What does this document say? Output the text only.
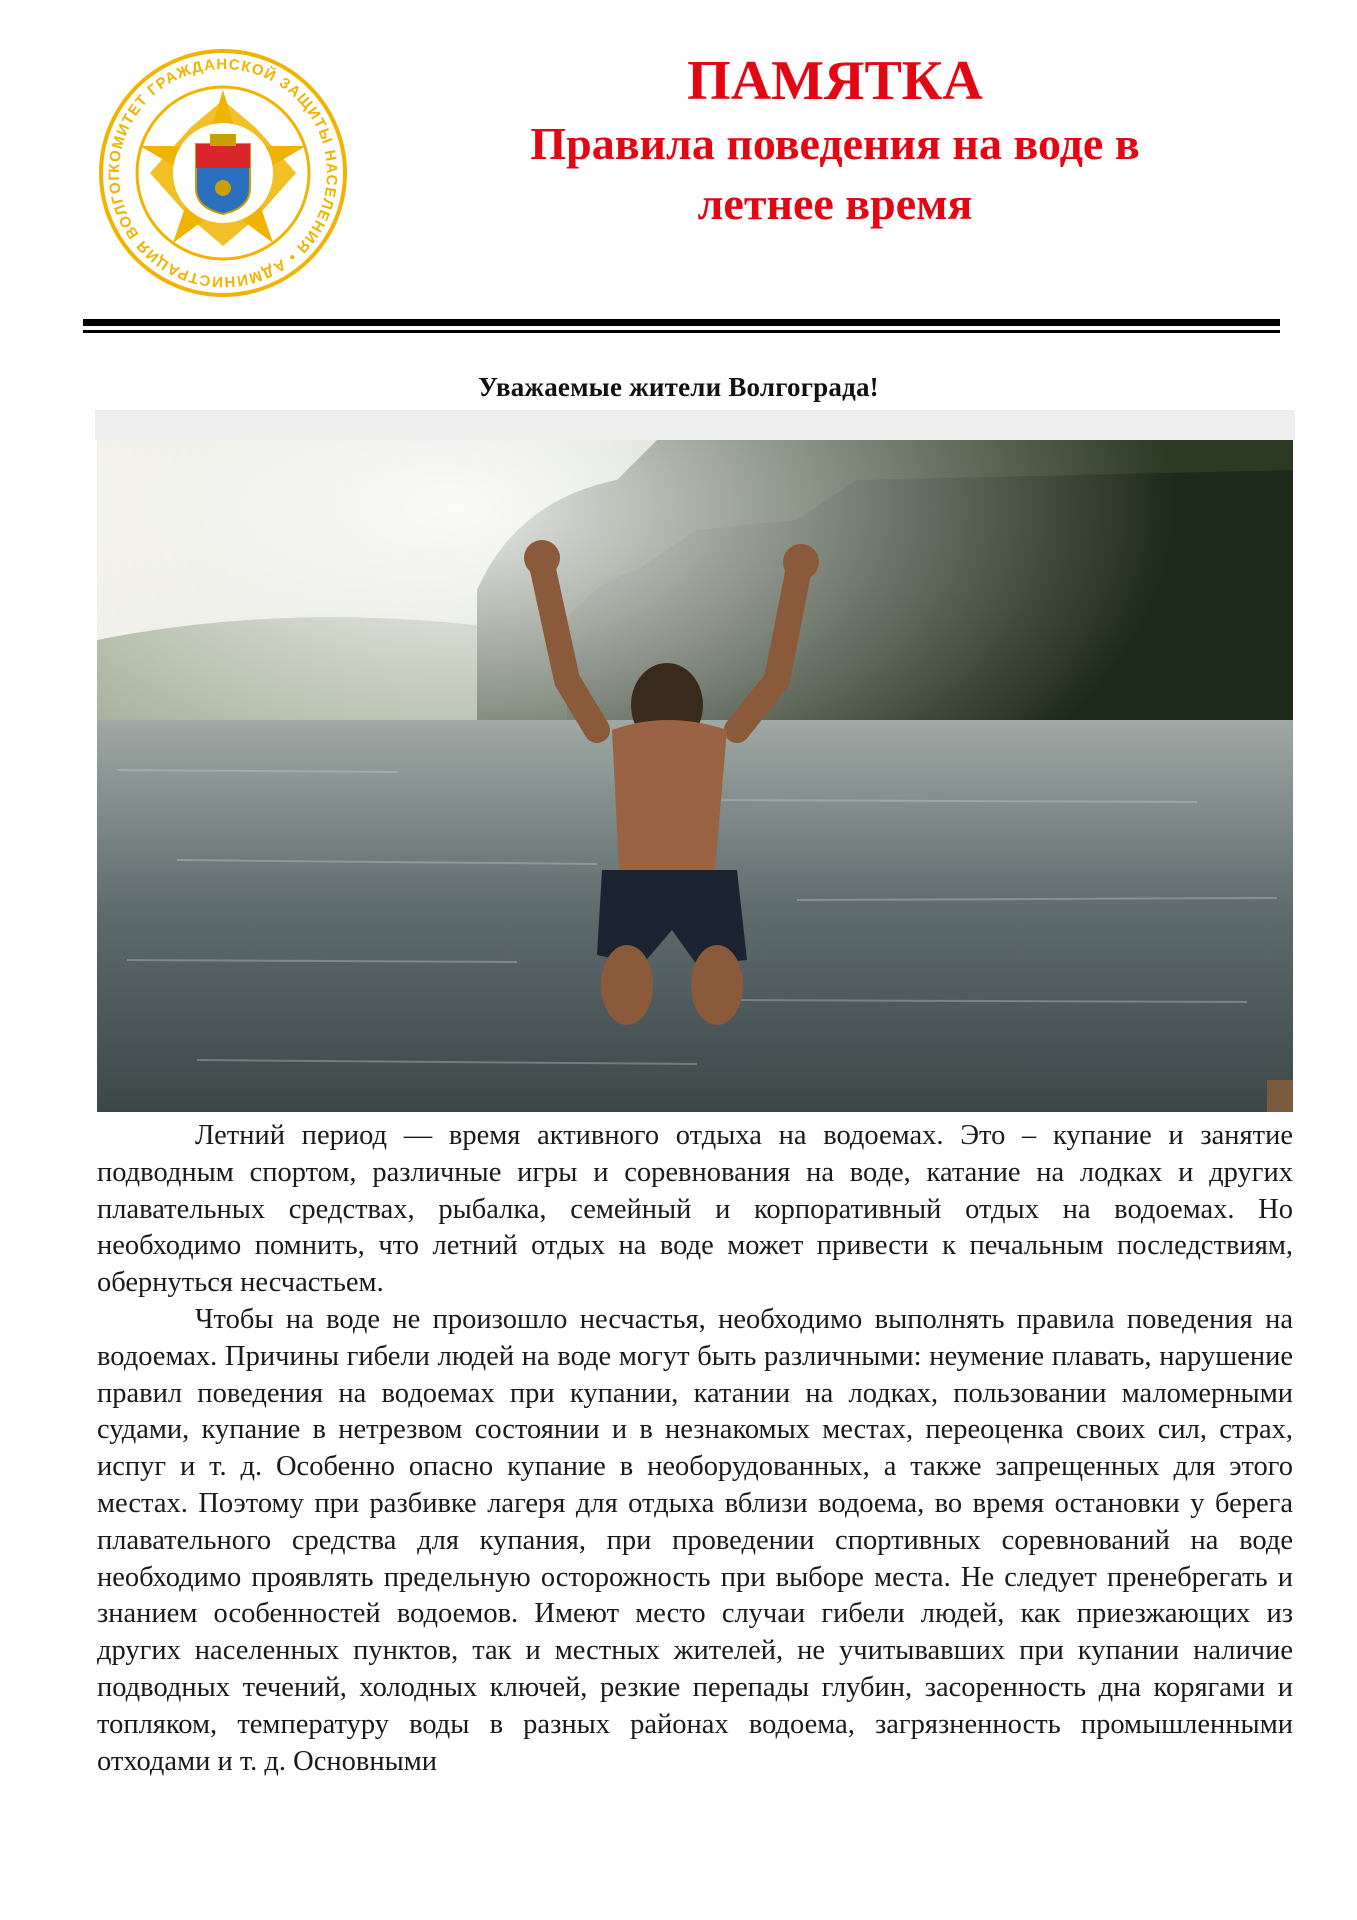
КОМИТЕТ ГРАЖДАНСКОЙ ЗАЩИТЫ НАСЕЛЕНИЯ • АДМИНИСТРАЦИЯ ВОЛГОГ

ПАМЯТКА

Правила поведения на воде в

летнее время

Уважаемые жители Волгограда!

Летний период — время активного отдыха на водоемах. Это – купание и занятие подводным спортом, различные игры и соревнования на воде, катание на лодках и других плавательных средствах, рыбалка, семейный и корпоративный отдых на водоемах. Но необходимо помнить, что летний отдых на воде может привести к печальным последствиям, обернуться несчастьем.

Чтобы на воде не произошло несчастья, необходимо выполнять правила поведения на водоемах. Причины гибели людей на воде могут быть различными: неумение плавать, нарушение правил поведения на водоемах при купании, катании на лодках, пользовании маломерными судами, купание в нетрезвом состоянии и в незнакомых местах, переоценка своих сил, страх, испуг и т. д. Особенно опасно купание в необорудованных, а также запрещенных для этого местах. Поэтому при разбивке лагеря для отдыха вблизи водоема, во время остановки у берега плавательного средства для купания, при проведении спортивных соревнований на воде необходимо проявлять предельную осторожность при выборе места. Не следует пренебрегать и знанием особенностей водоемов. Имеют место случаи гибели людей, как приезжающих из других населенных пунктов, так и местных жителей, не учитывавших при купании наличие подводных течений, холодных ключей, резкие перепады глубин, засоренность дна корягами и топляком, температуру воды в разных районах водоема, загрязненность промышленными отходами и т. д. Основными
